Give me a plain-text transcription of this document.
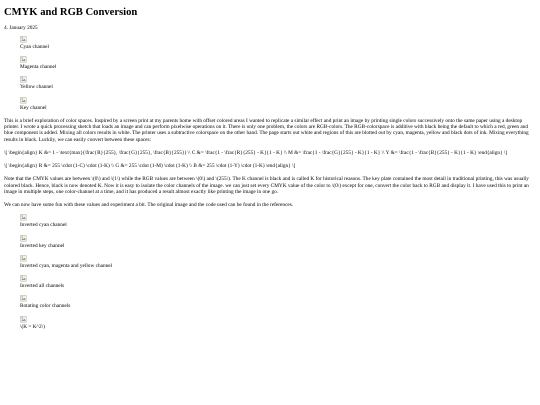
CMYK and RGB Conversion
4. January 2025
Cyan channel
Magenta channel
Yellow channel
Key channel

This is a brief exploration of color spaces. Inspired by a screen print at my parents home with offset colored areas I wanted to replicate a similar effect and print an image by printing single colors successively onto the same paper using a desktop printer. I wrote a quick processing sketch that loads an image and can perform pixelwise operations on it. There is only one problem, the colors are RGB-colors. The RGB-colorspace is additive with black being the default to which a red, green and blue component is added. Mixing all colors results in white. The printer uses a subtractive colorspace on the other hand. The page starts out white and regions of this are blotted out by cyan, magenta, yellow and black dots of ink. Mixing everything results in black. Luckily, we can easily convert between these spaces:

\[ \begin{align} K &= 1 - \text{max}(\frac{R}{255}, \frac{G}{255}, \frac{B}{255}) \\ C &= \frac{1 - \frac{R}{255} - K}{1 - K} \\ M &= \frac{1 - \frac{G}{255} - K}{1 - K} \\ Y &= \frac{1 - \frac{B}{255} - K}{1 - K} \end{align} \]

\[ \begin{align} R &= 255 \cdot (1-C) \cdot (1-K) \\ G &= 255 \cdot (1-M) \cdot (1-K) \\ B &= 255 \cdot (1-Y) \cdot (1-K) \end{align} \]

Note that the CMYK values are between \(0\) and \(1\) while the RGB values are between \(0\) and \(255\). The K channel is black and is called K for historical reasons. The key plate contained the most detail in traditional printing, this was usually colored black. Hence, black is now denoted K. Now it is easy to isolate the color channels of the image. we can just set every CMYK value of the color to \(0\) except for one, convert the color back to RGB and display it. I have used this to print an image in multiple steps, one color-channel at a time, and it has produced a result almost exactly like printing the image in one go.

We can now have some fun with these values and experiment a bit. The original image and the code used can be found in the references.

Inverted cyan channel
Inverted key channel
Inverted cyan, magenta and yellow channel
Inverted all channels
Rotating color channels
\(K = K^2\)
